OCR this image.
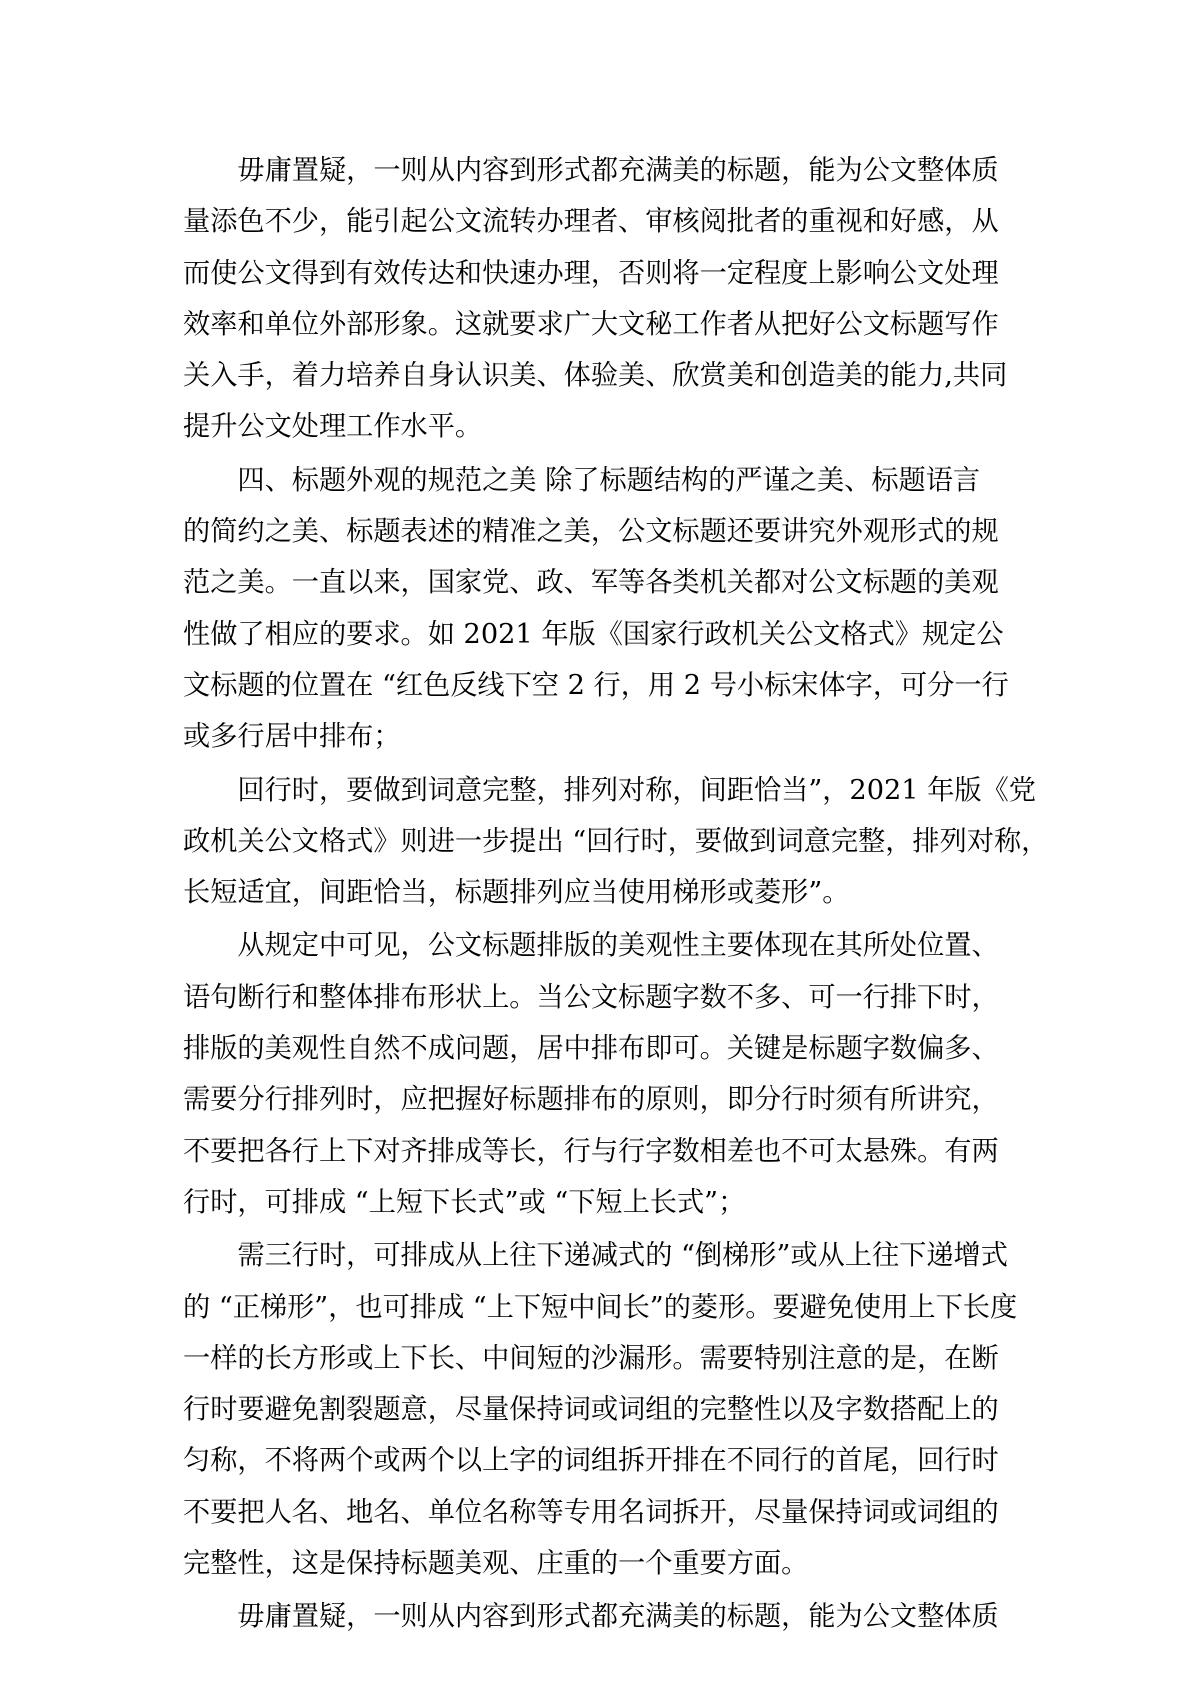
毋庸置疑，一则从内容到形式都充满美的标题，能为公文整体质
量添色不少，能引起公文流转办理者、审核阅批者的重视和好感，从
而使公文得到有效传达和快速办理，否则将一定程度上影响公文处理
效率和单位外部形象。这就要求广大文秘工作者从把好公文标题写作
关入手，着力培养自身认识美、体验美、欣赏美和创造美的能力,共同
提升公文处理工作水平。
四、标题外观的规范之美 除了标题结构的严谨之美、标题语言
的简约之美、标题表述的精准之美，公文标题还要讲究外观形式的规
范之美。一直以来，国家党、政、军等各类机关都对公文标题的美观
性做了相应的要求。如 2021 年版《国家行政机关公文格式》规定公
文标题的位置在 “红色反线下空 2 行，用 2 号小标宋体字，可分一行
或多行居中排布；
回行时，要做到词意完整，排列对称，间距恰当”，2021 年版《党
政机关公文格式》则进一步提出 “回行时，要做到词意完整，排列对称，
长短适宜，间距恰当，标题排列应当使用梯形或菱形”。
从规定中可见，公文标题排版的美观性主要体现在其所处位置、
语句断行和整体排布形状上。当公文标题字数不多、可一行排下时，
排版的美观性自然不成问题，居中排布即可。关键是标题字数偏多、
需要分行排列时，应把握好标题排布的原则，即分行时须有所讲究，
不要把各行上下对齐排成等长，行与行字数相差也不可太悬殊。有两
行时，可排成 “上短下长式”或 “下短上长式”；
需三行时，可排成从上往下递减式的 “倒梯形”或从上往下递增式
的 “正梯形”，也可排成 “上下短中间长”的菱形。要避免使用上下长度
一样的长方形或上下长、中间短的沙漏形。需要特别注意的是，在断
行时要避免割裂题意，尽量保持词或词组的完整性以及字数搭配上的
匀称，不将两个或两个以上字的词组拆开排在不同行的首尾，回行时
不要把人名、地名、单位名称等专用名词拆开，尽量保持词或词组的
完整性，这是保持标题美观、庄重的一个重要方面。
毋庸置疑，一则从内容到形式都充满美的标题，能为公文整体质
